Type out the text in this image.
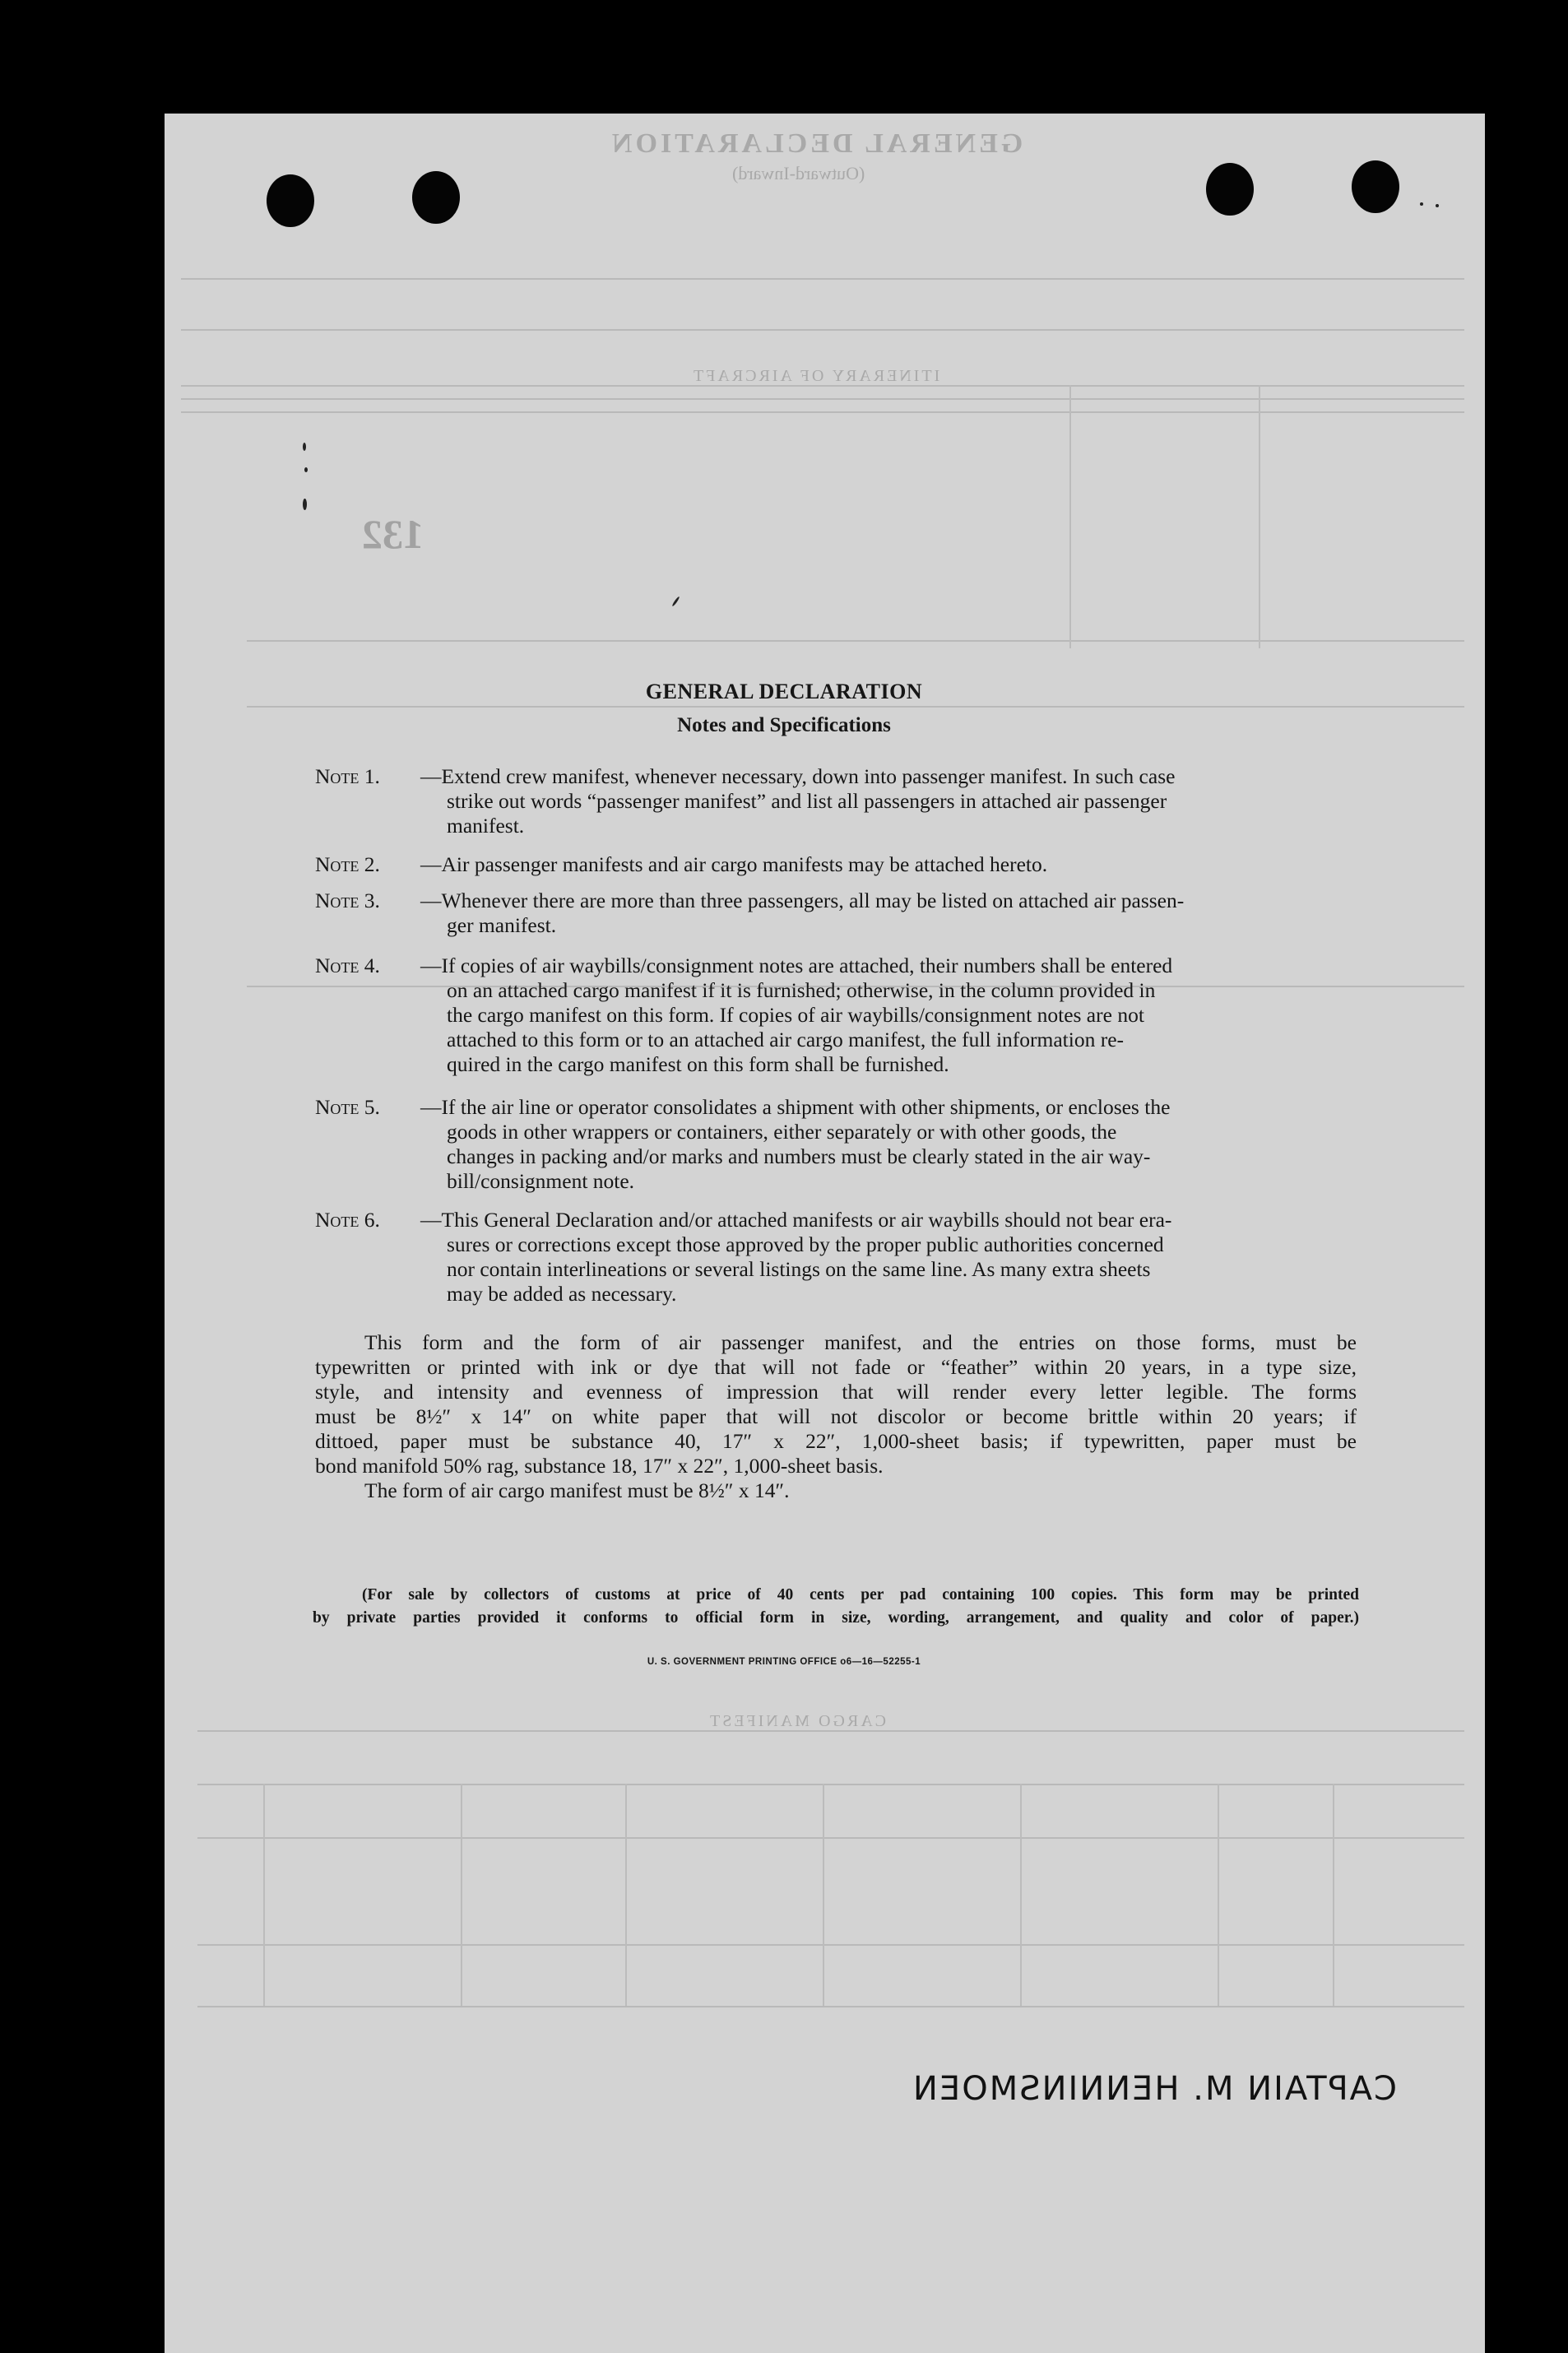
GENERAL DECLARATION
(Outward-Inward)
132
ITINERARY OF AIRCRAFT
CARGO MANIFEST
GENERAL DECLARATION
Notes and Specifications
Note 1. —Extend crew manifest, whenever necessary, down into passenger manifest. In such case
strike out words “passenger manifest” and list all passengers in attached air passenger
manifest.
Note 2. —Air passenger manifests and air cargo manifests may be attached hereto.
Note 3. —Whenever there are more than three passengers, all may be listed on attached air passen-
ger manifest.
Note 4. —If copies of air waybills/consignment notes are attached, their numbers shall be entered
on an attached cargo manifest if it is furnished; otherwise, in the column provided in
the cargo manifest on this form. If copies of air waybills/consignment notes are not
attached to this form or to an attached air cargo manifest, the full information re-
quired in the cargo manifest on this form shall be furnished.
Note 5. —If the air line or operator consolidates a shipment with other shipments, or encloses the
goods in other wrappers or containers, either separately or with other goods, the
changes in packing and/or marks and numbers must be clearly stated in the air way-
bill/consignment note.
Note 6. —This General Declaration and/or attached manifests or air waybills should not bear era-
sures or corrections except those approved by the proper public authorities concerned
nor contain interlineations or several listings on the same line. As many extra sheets
may be added as necessary.
This form and the form of air passenger manifest, and the entries on those forms, must be
typewritten or printed with ink or dye that will not fade or “feather” within 20 years, in a type size,
style, and intensity and evenness of impression that will render every letter legible. The forms
must be 8½″ x 14″ on white paper that will not discolor or become brittle within 20 years; if
dittoed, paper must be substance 40, 17″ x 22″, 1,000-sheet basis; if typewritten, paper must be
bond manifold 50% rag, substance 18, 17″ x 22″, 1,000-sheet basis.
The form of air cargo manifest must be 8½″ x 14″.
(For sale by collectors of customs at price of 40 cents per pad containing 100 copies. This form may be printed
by private parties provided it conforms to official form in size, wording, arrangement, and quality and color of paper.)
U. S. GOVERNMENT PRINTING OFFICE o6—16—52255-1
CAPTAIN M. HENNINSMOEN
